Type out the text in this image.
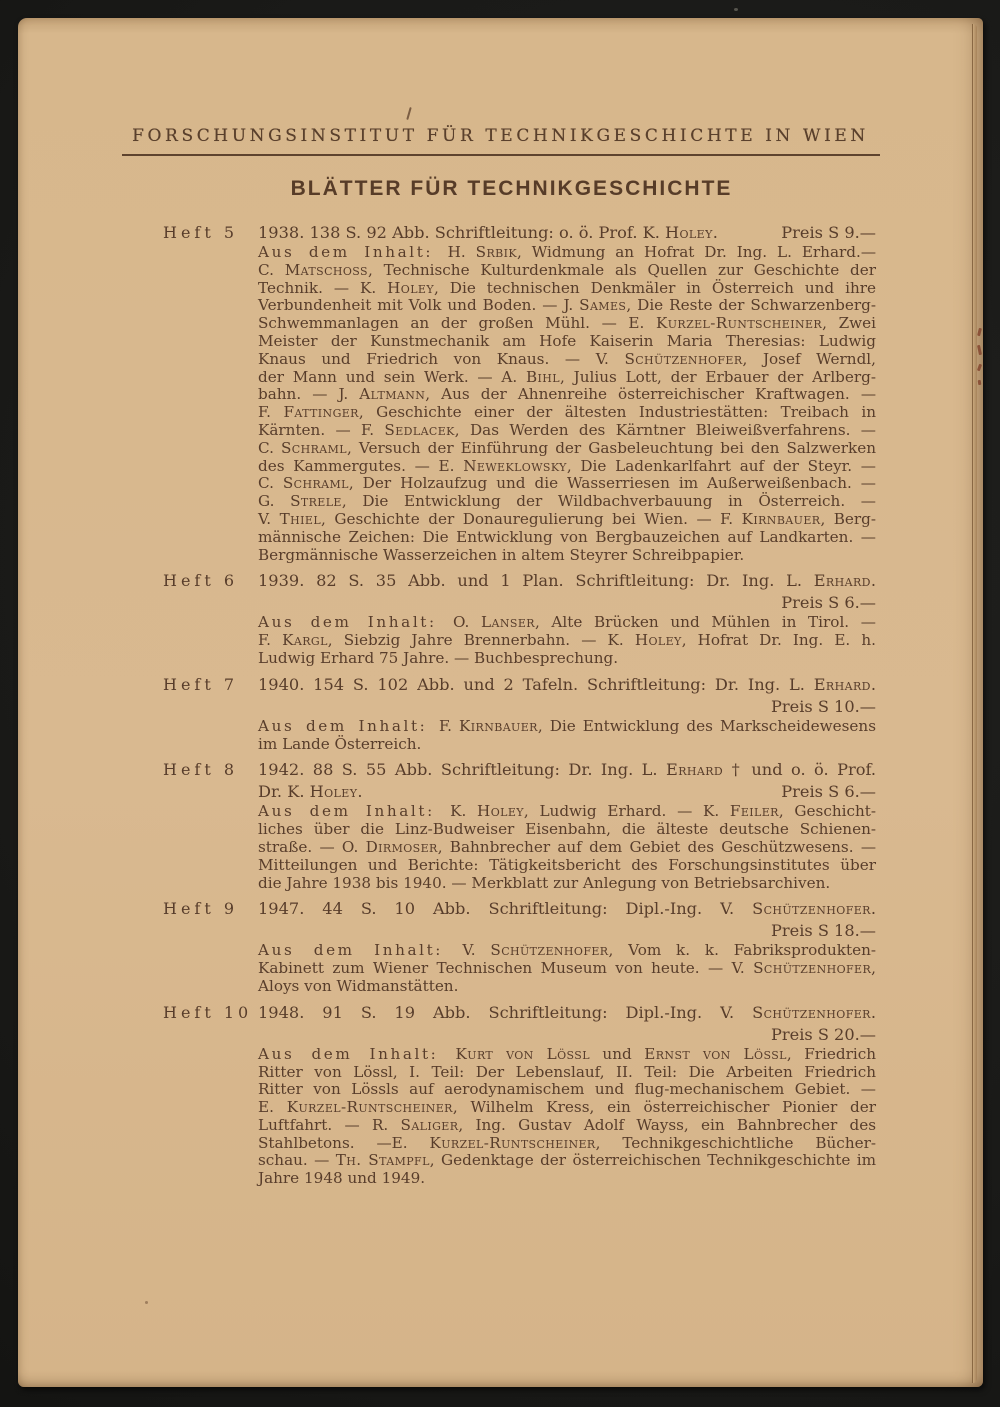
FORSCHUNGSINSTITUT FÜR TECHNIKGESCHICHTE IN WIEN
BLÄTTER FÜR TECHNIKGESCHICHTE
Heft 5	1938. 138 S. 92 Abb. Schriftleitung: o. ö. Prof. K. Holey.	Preis S 9.—
Aus dem Inhalt: H. Srbik, Widmung an Hofrat Dr. Ing. L. Erhard.—
C. Matschoss, Technische Kulturdenkmale als Quellen zur Geschichte der
Technik. — K. Holey, Die technischen Denkmäler in Österreich und ihre
Verbundenheit mit Volk und Boden. — J. Sames, Die Reste der Schwarzenberg-
Schwemmanlagen an der großen Mühl. — E. Kurzel-Runtscheiner, Zwei
Meister der Kunstmechanik am Hofe Kaiserin Maria Theresias: Ludwig
Knaus und Friedrich von Knaus. — V. Schützenhofer, Josef Werndl,
der Mann und sein Werk. — A. Bihl, Julius Lott, der Erbauer der Arlberg-
bahn. — J. Altmann, Aus der Ahnenreihe österreichischer Kraftwagen. —
F. Fattinger, Geschichte einer der ältesten Industriestätten: Treibach in
Kärnten. — F. Sedlacek, Das Werden des Kärntner Bleiweißverfahrens. —
C. Schraml, Versuch der Einführung der Gasbeleuchtung bei den Salzwerken
des Kammergutes. — E. Neweklowsky, Die Ladenkarlfahrt auf der Steyr. —
C. Schraml, Der Holzaufzug und die Wasserriesen im Außerweißenbach. —
G. Strele, Die Entwicklung der Wildbachverbauung in Österreich. —
V. Thiel, Geschichte der Donauregulierung bei Wien. — F. Kirnbauer, Berg-
männische Zeichen: Die Entwicklung von Bergbauzeichen auf Landkarten. —
Bergmännische Wasserzeichen in altem Steyrer Schreibpapier.
Heft 6	1939. 82 S. 35 Abb. und 1 Plan. Schriftleitung: Dr. Ing. L. Erhard.
Preis S 6.—
Aus dem Inhalt: O. Lanser, Alte Brücken und Mühlen in Tirol. —
F. Kargl, Siebzig Jahre Brennerbahn. — K. Holey, Hofrat Dr. Ing. E. h.
Ludwig Erhard 75 Jahre. — Buchbesprechung.
Heft 7	1940. 154 S. 102 Abb. und 2 Tafeln. Schriftleitung: Dr. Ing. L. Erhard.
Preis S 10.—
Aus dem Inhalt: F. Kirnbauer, Die Entwicklung des Markscheidewesens
im Lande Österreich.
Heft 8	1942. 88 S. 55 Abb. Schriftleitung: Dr. Ing. L. Erhard † und o. ö. Prof.
Dr. K. Holey.	Preis S 6.—
Aus dem Inhalt: K. Holey, Ludwig Erhard. — K. Feiler, Geschicht-
liches über die Linz-Budweiser Eisenbahn, die älteste deutsche Schienen-
straße. — O. Dirmoser, Bahnbrecher auf dem Gebiet des Geschützwesens. —
Mitteilungen und Berichte: Tätigkeitsbericht des Forschungsinstitutes über
die Jahre 1938 bis 1940. — Merkblatt zur Anlegung von Betriebsarchiven.
Heft 9	1947. 44 S. 10 Abb. Schriftleitung: Dipl.-Ing. V. Schützenhofer.
Preis S 18.—
Aus dem Inhalt: V. Schützenhofer, Vom k. k. Fabriksprodukten-
Kabinett zum Wiener Technischen Museum von heute. — V. Schützenhofer,
Aloys von Widmanstätten.
Heft 10 1948. 91 S. 19 Abb. Schriftleitung: Dipl.-Ing. V. Schützenhofer.
Preis S 20.—
Aus dem Inhalt: Kurt von Lössl und Ernst von Lössl, Friedrich
Ritter von Lössl, I. Teil: Der Lebenslauf, II. Teil: Die Arbeiten Friedrich
Ritter von Lössls auf aerodynamischem und flug-mechanischem Gebiet. —
E. Kurzel-Runtscheiner, Wilhelm Kress, ein österreichischer Pionier der
Luftfahrt. — R. Saliger, Ing. Gustav Adolf Wayss, ein Bahnbrecher des
Stahlbetons. —E. Kurzel-Runtscheiner, Technikgeschichtliche Bücher-
schau. — Th. Stampfl, Gedenktage der österreichischen Technikgeschichte im
Jahre 1948 und 1949.
